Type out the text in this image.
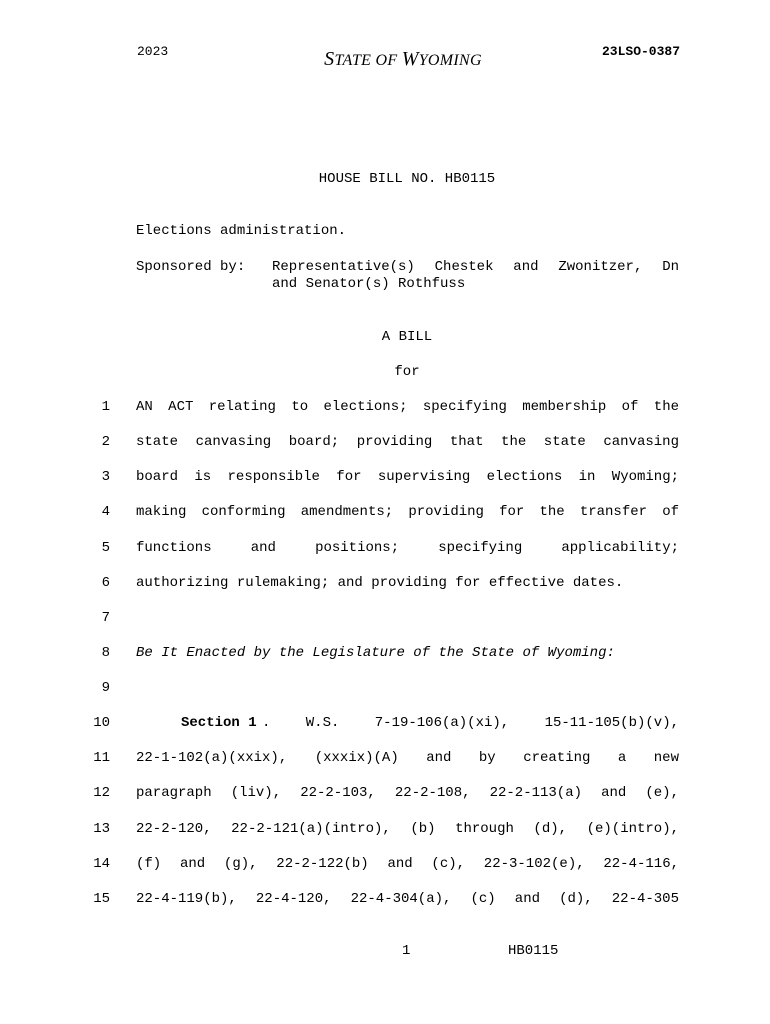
2023	STATE OF WYOMING
23LSO-0387
HOUSE BILL NO. HB0115
Elections administration.
Sponsored by: Representative(s) Chestek and Zwonitzer, Dn
and Senator(s) Rothfuss
A BILL
for
1 AN ACT relating to elections; specifying membership of the
2 state canvasing board; providing that the state canvasing
3 board is responsible for supervising elections in Wyoming;
4 making conforming amendments; providing for the transfer of
5 functions and positions; specifying applicability;
6 authorizing rulemaking; and providing for effective dates.
7
8 Be It Enacted by the Legislature of the State of Wyoming:
9
10	Section 1 . W.S. 7-19-106(a)(xi), 15-11-105(b)(v),
11 22-1-102(a)(xxix), (xxxix)(A) and by creating a new
12 paragraph (liv), 22-2-103, 22-2-108, 22-2-113(a) and (e),
13 22-2-120, 22-2-121(a)(intro), (b) through (d), (e)(intro),
14 (f) and (g), 22-2-122(b) and (c), 22-3-102(e), 22-4-116,
15 22-4-119(b), 22-4-120, 22-4-304(a), (c) and (d), 22-4-305
1	HB0115
